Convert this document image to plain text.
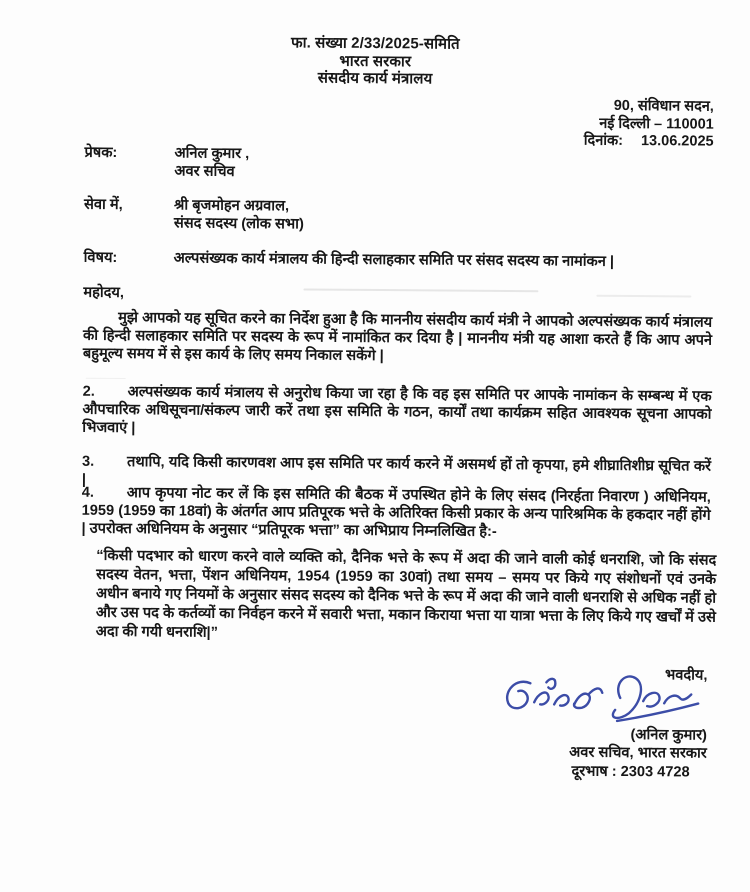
फा. संख्या 2/33/2025-समिति
भारत सरकार
संसदीय कार्य मंत्रालय
90, संविधान सदन,
नई दिल्ली – 110001
दिनांक: 13.06.2025
प्रेषक:	अनिल कुमार ,
अवर सचिव
सेवा में,	श्री बृजमोहन अग्रवाल,
संसद सदस्य (लोक सभा)
विषय:	अल्पसंख्यक कार्य मंत्रालय की हिन्दी सलाहकार समिति पर संसद सदस्य का नामांकन |
महोदय,

मुझे आपको यह सूचित करने का निर्देश हुआ है कि माननीय संसदीय कार्य मंत्री ने आपको अल्पसंख्यक कार्य मंत्रालय की हिन्दी सलाहकार समिति पर सदस्य के रूप में नामांकित कर दिया है | माननीय मंत्री यह आशा करते हैं कि आप अपने बहुमूल्य समय में से इस कार्य के लिए समय निकाल सकेंगे |

2. अल्पसंख्यक कार्य मंत्रालय से अनुरोध किया जा रहा है कि वह इस समिति पर आपके नामांकन के सम्बन्ध में एक औपचारिक अधिसूचना/संकल्प जारी करें तथा इस समिति के गठन, कार्यों तथा कार्यक्रम सहित आवश्यक सूचना आपको भिजवाएं |

3. तथापि, यदि किसी कारणवश आप इस समिति पर कार्य करने में असमर्थ हों तो कृपया, हमे शीघ्रातिशीघ्र सूचित करें |

4. आप कृपया नोट कर लें कि इस समिति की बैठक में उपस्थित होने के लिए संसद (निरर्हता निवारण ) अधिनियम, 1959 (1959 का 18वां) के अंतर्गत आप प्रतिपूरक भत्ते के अतिरिक्त किसी प्रकार के अन्य पारिश्रमिक के हकदार नहीं होंगे | उपरोक्त अधिनियम के अनुसार “प्रतिपूरक भत्ता” का अभिप्राय निम्नलिखित है:-

“किसी पदभार को धारण करने वाले व्यक्ति को, दैनिक भत्ते के रूप में अदा की जाने वाली कोई धनराशि, जो कि संसद सदस्य वेतन, भत्ता, पेंशन अधिनियम, 1954 (1959 का 30वां) तथा समय – समय पर किये गए संशोधनों एवं उनके अधीन बनाये गए नियमों के अनुसार संसद सदस्य को दैनिक भत्ते के रूप में अदा की जाने वाली धनराशि से अधिक नहीं हो और उस पद के कर्तव्यों का निर्वहन करने में सवारी भत्ता, मकान किराया भत्ता या यात्रा भत्ता के लिए किये गए खर्चों में उसे अदा की गयी धनराशि|”

भवदीय,
(अनिल कुमार)
अवर सचिव, भारत सरकार
दूरभाष : 2303 4728
